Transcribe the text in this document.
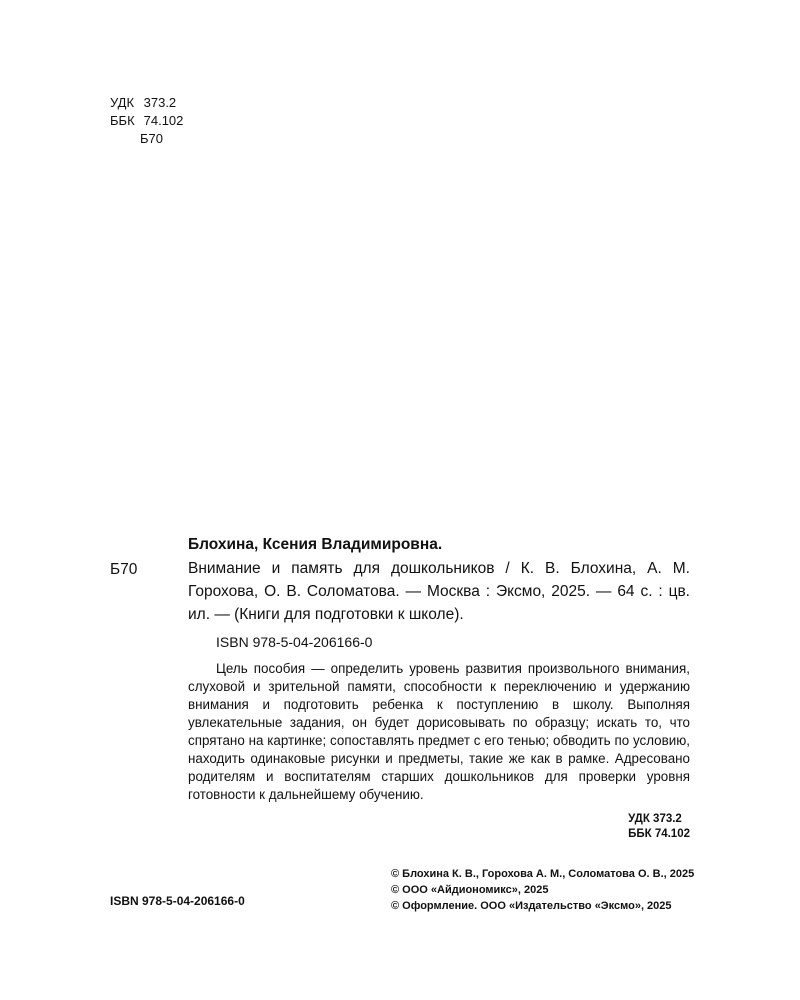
УДК 373.2
ББК 74.102
Б70
Блохина, Ксения Владимировна.
Б70	Внимание и память для дошкольников / К. В. Блохина, А. М. Горохова, О. В. Соломатова. — Москва : Эксмо, 2025. — 64 с. : цв. ил. — (Книги для подготовки к школе).
ISBN 978-5-04-206166-0
Цель пособия — определить уровень развития произвольного внимания, слуховой и зрительной памяти, способности к переключению и удержанию внимания и подготовить ребенка к поступлению в школу. Выполняя увлекательные задания, он будет дорисовывать по образцу; искать то, что спрятано на картинке; сопоставлять предмет с его тенью; обводить по условию, находить одинаковые рисунки и предметы, такие же как в рамке. Адресовано родителям и воспитателям старших дошкольников для проверки уровня готовности к дальнейшему обучению.
УДК 373.2
ББК 74.102
© Блохина К. В., Горохова А. М., Соломатова О. В., 2025
© ООО «Айдиономикс», 2025
© Оформление. ООО «Издательство «Эксмо», 2025
ISBN 978-5-04-206166-0
